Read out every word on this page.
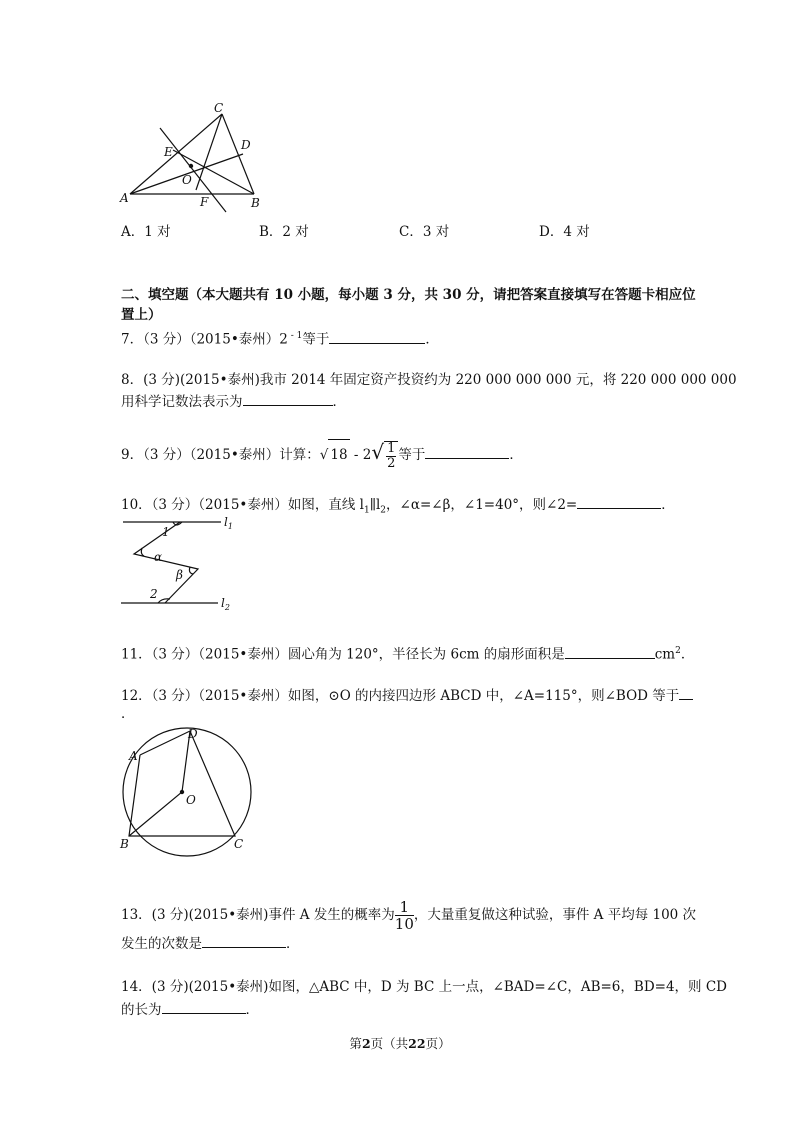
A	B
C
D
E
F
O
A．1 对	B．2 对	C．3 对	D．4 对
二、填空题（本大题共有 10 小题，每小题 3 分，共 30 分，请把答案直接填写在答题卡相应位
置上）
7．（3 分）（2015•泰州）2 $^{- 1}$等于	．
8．(3 分)(2015•泰州)我市 2014 年固定资产投资约为 220 000 000 000 元，将 220 000 000 000
用科学记数法表示为	．
9．（3 分）（2015•泰州）计算：√ $18 - 2√ \frac{1}{2}$ 等于	．
10．（3 分）（2015•泰州）如图，直线 $l_1\parallel l_2$，∠α=∠β，∠1=40°，则∠2=	．
$l_1$
$l_2$
1
α
β
2
11．（3 分）（2015•泰州）圆心角为 120°，半径长为 6cm 的扇形面积是	$cm^2$．
12．（3 分）（2015•泰州）如图，⊙O 的内接四边形 ABCD 中，∠A=115°，则∠BOD 等于
．
A
B	C
D
O
13．(3 分)(2015•泰州)事件 A 发生的概率为 $\frac{1}{10}$ ，大量重复做这种试验，事件 A 平均每 100 次
发生的次数是	．
14．(3 分)(2015•泰州)如图，△ABC 中，D 为 BC 上一点，∠BAD=∠C，AB=6，BD=4，则 CD
的长为	．
第2页（共22页）
